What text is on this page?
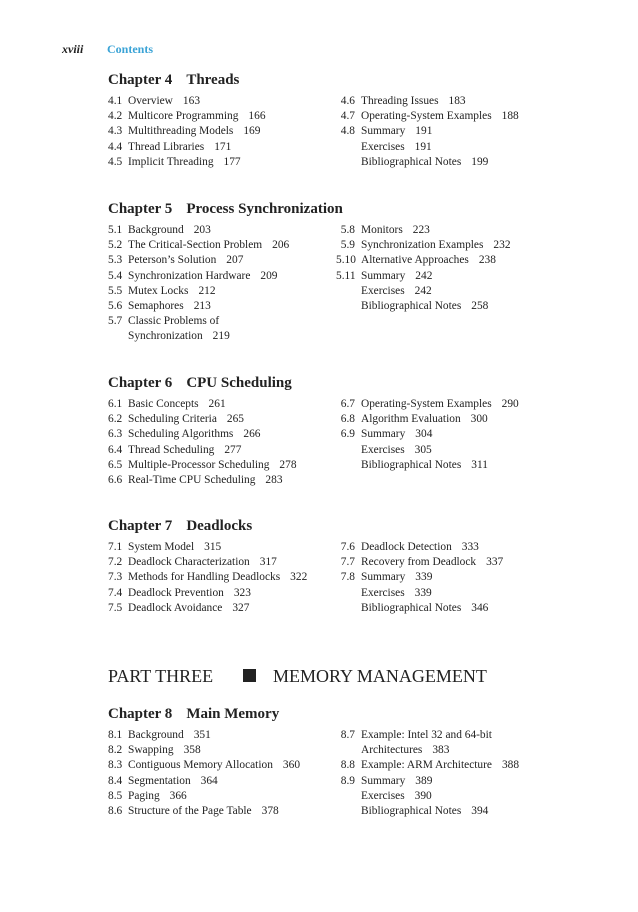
xviii Contents
Chapter 4 Threads
4.1 Overview 163
4.2 Multicore Programming 166
4.3 Multithreading Models 169
4.4 Thread Libraries 171
4.5 Implicit Threading 177
4.6 Threading Issues 183
4.7 Operating-System Examples 188
4.8 Summary 191
Exercises 191
Bibliographical Notes 199
Chapter 5 Process Synchronization
5.1 Background 203
5.2 The Critical-Section Problem 206
5.3 Peterson’s Solution 207
5.4 Synchronization Hardware 209
5.5 Mutex Locks 212
5.6 Semaphores 213
5.7 Classic Problems of
Synchronization 219
5.8 Monitors 223
5.9 Synchronization Examples 232
5.10 Alternative Approaches 238
5.11 Summary 242
Exercises 242
Bibliographical Notes 258
Chapter 6 CPU Scheduling
6.1 Basic Concepts 261
6.2 Scheduling Criteria 265
6.3 Scheduling Algorithms 266
6.4 Thread Scheduling 277
6.5 Multiple-Processor Scheduling 278
6.6 Real-Time CPU Scheduling 283
6.7 Operating-System Examples 290
6.8 Algorithm Evaluation 300
6.9 Summary 304
Exercises 305
Bibliographical Notes 311
Chapter 7 Deadlocks
7.1 System Model 315
7.2 Deadlock Characterization 317
7.3 Methods for Handling Deadlocks 322
7.4 Deadlock Prevention 323
7.5 Deadlock Avoidance 327
7.6 Deadlock Detection 333
7.7 Recovery from Deadlock 337
7.8 Summary 339
Exercises 339
Bibliographical Notes 346
PART THREE	MEMORY MANAGEMENT
Chapter 8 Main Memory
8.1 Background 351
8.2 Swapping 358
8.3 Contiguous Memory Allocation 360
8.4 Segmentation 364
8.5 Paging 366
8.6 Structure of the Page Table 378
8.7 Example: Intel 32 and 64-bit
Architectures 383
8.8 Example: ARM Architecture 388
8.9 Summary 389
Exercises 390
Bibliographical Notes 394
